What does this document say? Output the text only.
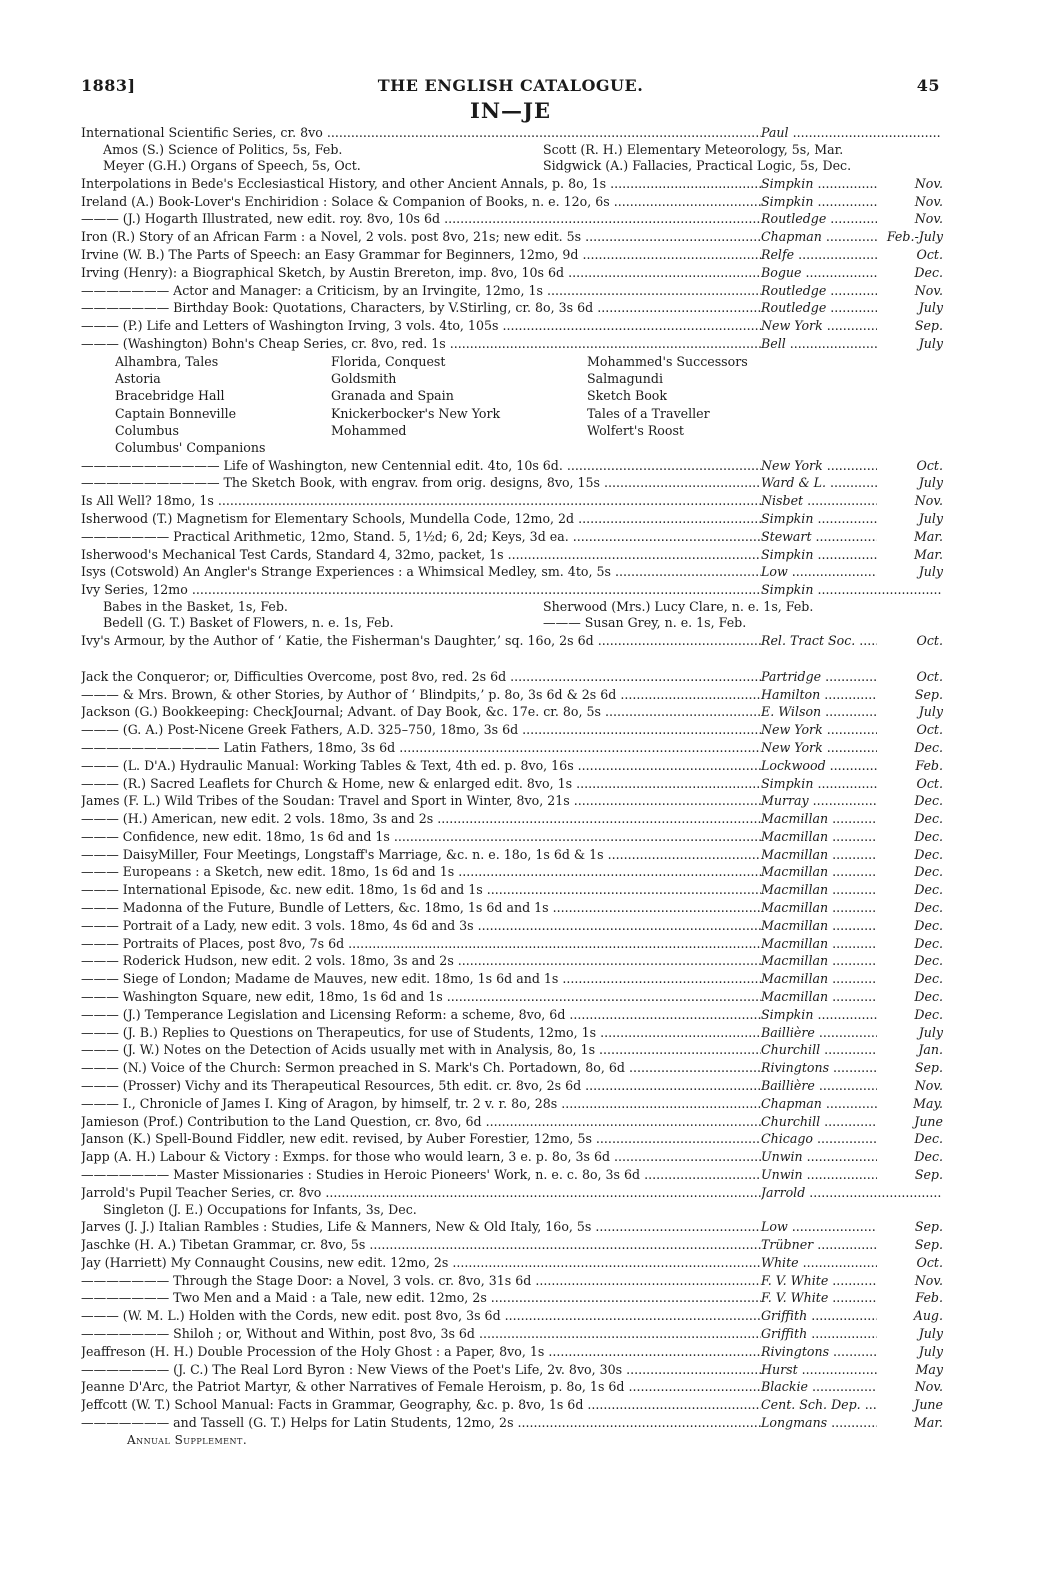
1883]	THE ENGLISH CATALOGUE.	45
IN—JE
International Scientific Series, cr. 8vo .....	Paul .....
Amos (S.) Science of Politics, 5s, Feb.	Scott (R. H.) Elementary Meteorology, 5s, Mar.
Meyer (G.H.) Organs of Speech, 5s, Oct.	Sidgwick (A.) Fallacies, Practical Logic, 5s, Dec.
Interpolations in Bede's Ecclesiastical History, and other Ancient Annals, p. 8o, 1s .....	Simpkin .....	Nov.
Ireland (A.) Book-Lover's Enchiridion : Solace & Companion of Books, n. e. 12o, 6s .....	Simpkin .....	Nov.
——— (J.) Hogarth Illustrated, new edit. roy. 8vo, 10s 6d .....	Routledge .....	Nov.
Iron (R.) Story of an African Farm : a Novel, 2 vols. post 8vo, 21s; new edit. 5s .....	Chapman .....	Feb.-July
Irvine (W. B.) The Parts of Speech: an Easy Grammar for Beginners, 12mo, 9d .....	Relfe .....	Oct.
Irving (Henry): a Biographical Sketch, by Austin Brereton, imp. 8vo, 10s 6d .....	Bogue .....	Dec.
——————— Actor and Manager: a Criticism, by an Irvingite, 12mo, 1s .....	Routledge .....	Nov.
——————— Birthday Book: Quotations, Characters, by V.Stirling, cr. 8o, 3s 6d .....	Routledge .....	July
——— (P.) Life and Letters of Washington Irving, 3 vols. 4to, 105s .....	New York .....	Sep.
——— (Washington) Bohn's Cheap Series, cr. 8vo, red. 1s .....	Bell .....	July
Alhambra, Tales	Florida, Conquest	Mohammed's Successors
Astoria	Goldsmith	Salmagundi
Bracebridge Hall	Granada and Spain	Sketch Book
Captain Bonneville	Knickerbocker's New York	Tales of a Traveller
Columbus	Mohammed	Wolfert's Roost
Columbus' Companions
——————————— Life of Washington, new Centennial edit. 4to, 10s 6d. .....	New York .....	Oct.
——————————— The Sketch Book, with engrav. from orig. designs, 8vo, 15s .....	Ward & L. .....	July
Is All Well? 18mo, 1s .....	Nisbet .....	Nov.
Isherwood (T.) Magnetism for Elementary Schools, Mundella Code, 12mo, 2d .....	Simpkin .....	July
——————— Practical Arithmetic, 12mo, Stand. 5, 1½d; 6, 2d; Keys, 3d ea. .....	Stewart .....	Mar.
Isherwood's Mechanical Test Cards, Standard 4, 32mo, packet, 1s .....	Simpkin .....	Mar.
Isys (Cotswold) An Angler's Strange Experiences : a Whimsical Medley, sm. 4to, 5s .....	Low .....	July
Ivy Series, 12mo .....	Simpkin .....
Babes in the Basket, 1s, Feb.	Sherwood (Mrs.) Lucy Clare, n. e. 1s, Feb.
Bedell (G. T.) Basket of Flowers, n. e. 1s, Feb.	——— Susan Grey, n. e. 1s, Feb.
Ivy's Armour, by the Author of ‘ Katie, the Fisherman's Daughter,’ sq. 16o, 2s 6d .....	Rel. Tract Soc. .....	Oct.
Jack the Conqueror; or, Difficulties Overcome, post 8vo, red. 2s 6d .....	Partridge .....	Oct.
——— & Mrs. Brown, & other Stories, by Author of ‘ Blindpits,’ p. 8o, 3s 6d & 2s 6d .....	Hamilton .....	Sep.
Jackson (G.) Bookkeeping: CheckJournal; Advant. of Day Book, &c. 17e. cr. 8o, 5s .....	E. Wilson .....	July
——— (G. A.) Post-Nicene Greek Fathers, A.D. 325–750, 18mo, 3s 6d .....	New York .....	Oct.
——————————— Latin Fathers, 18mo, 3s 6d .....	New York .....	Dec.
——— (L. D'A.) Hydraulic Manual: Working Tables & Text, 4th ed. p. 8vo, 16s .....	Lockwood .....	Feb.
——— (R.) Sacred Leaflets for Church & Home, new & enlarged edit. 8vo, 1s .....	Simpkin .....	Oct.
James (F. L.) Wild Tribes of the Soudan: Travel and Sport in Winter, 8vo, 21s .....	Murray .....	Dec.
——— (H.) American, new edit. 2 vols. 18mo, 3s and 2s .....	Macmillan .....	Dec.
——— Confidence, new edit. 18mo, 1s 6d and 1s .....	Macmillan .....	Dec.
——— DaisyMiller, Four Meetings, Longstaff's Marriage, &c. n. e. 18o, 1s 6d & 1s .....	Macmillan .....	Dec.
——— Europeans : a Sketch, new edit. 18mo, 1s 6d and 1s .....	Macmillan .....	Dec.
——— International Episode, &c. new edit. 18mo, 1s 6d and 1s .....	Macmillan .....	Dec.
——— Madonna of the Future, Bundle of Letters, &c. 18mo, 1s 6d and 1s .....	Macmillan .....	Dec.
——— Portrait of a Lady, new edit. 3 vols. 18mo, 4s 6d and 3s .....	Macmillan .....	Dec.
——— Portraits of Places, post 8vo, 7s 6d .....	Macmillan .....	Dec.
——— Roderick Hudson, new edit. 2 vols. 18mo, 3s and 2s .....	Macmillan .....	Dec.
——— Siege of London; Madame de Mauves, new edit. 18mo, 1s 6d and 1s .....	Macmillan .....	Dec.
——— Washington Square, new edit, 18mo, 1s 6d and 1s .....	Macmillan .....	Dec.
——— (J.) Temperance Legislation and Licensing Reform: a scheme, 8vo, 6d .....	Simpkin .....	Dec.
——— (J. B.) Replies to Questions on Therapeutics, for use of Students, 12mo, 1s .....	Baillière .....	July
——— (J. W.) Notes on the Detection of Acids usually met with in Analysis, 8o, 1s .....	Churchill .....	Jan.
——— (N.) Voice of the Church: Sermon preached in S. Mark's Ch. Portadown, 8o, 6d .....	Rivingtons .....	Sep.
——— (Prosser) Vichy and its Therapeutical Resources, 5th edit. cr. 8vo, 2s 6d .....	Baillière .....	Nov.
——— I., Chronicle of James I. King of Aragon, by himself, tr. 2 v. r. 8o, 28s .....	Chapman .....	May.
Jamieson (Prof.) Contribution to the Land Question, cr. 8vo, 6d .....	Churchill .....	June
Janson (K.) Spell-Bound Fiddler, new edit. revised, by Auber Forestier, 12mo, 5s .....	Chicago .....	Dec.
Japp (A. H.) Labour & Victory : Exmps. for those who would learn, 3 e. p. 8o, 3s 6d .....	Unwin .....	Dec.
——————— Master Missionaries : Studies in Heroic Pioneers' Work, n. e. c. 8o, 3s 6d .....	Unwin .....	Sep.
Jarrold's Pupil Teacher Series, cr. 8vo .....	Jarrold .....
Singleton (J. E.) Occupations for Infants, 3s, Dec.
Jarves (J. J.) Italian Rambles : Studies, Life & Manners, New & Old Italy, 16o, 5s .....	Low .....	Sep.
Jaschke (H. A.) Tibetan Grammar, cr. 8vo, 5s .....	Trübner .....	Sep.
Jay (Harriett) My Connaught Cousins, new edit. 12mo, 2s .....	White .....	Oct.
——————— Through the Stage Door: a Novel, 3 vols. cr. 8vo, 31s 6d .....	F. V. White .....	Nov.
——————— Two Men and a Maid : a Tale, new edit. 12mo, 2s .....	F. V. White .....	Feb.
——— (W. M. L.) Holden with the Cords, new edit. post 8vo, 3s 6d .....	Griffith .....	Aug.
——————— Shiloh ; or, Without and Within, post 8vo, 3s 6d .....	Griffith .....	July
Jeaffreson (H. H.) Double Procession of the Holy Ghost : a Paper, 8vo, 1s .....	Rivingtons .....	July
——————— (J. C.) The Real Lord Byron : New Views of the Poet's Life, 2v. 8vo, 30s .....	Hurst .....	May
Jeanne D'Arc, the Patriot Martyr, & other Narratives of Female Heroism, p. 8o, 1s 6d .....	Blackie .....	Nov.
Jeffcott (W. T.) School Manual: Facts in Grammar, Geography, &c. p. 8vo, 1s 6d .....	Cent. Sch. Dep. .....	June
——————— and Tassell (G. T.) Helps for Latin Students, 12mo, 2s .....	Longmans .....	Mar.
Annual Supplement.
